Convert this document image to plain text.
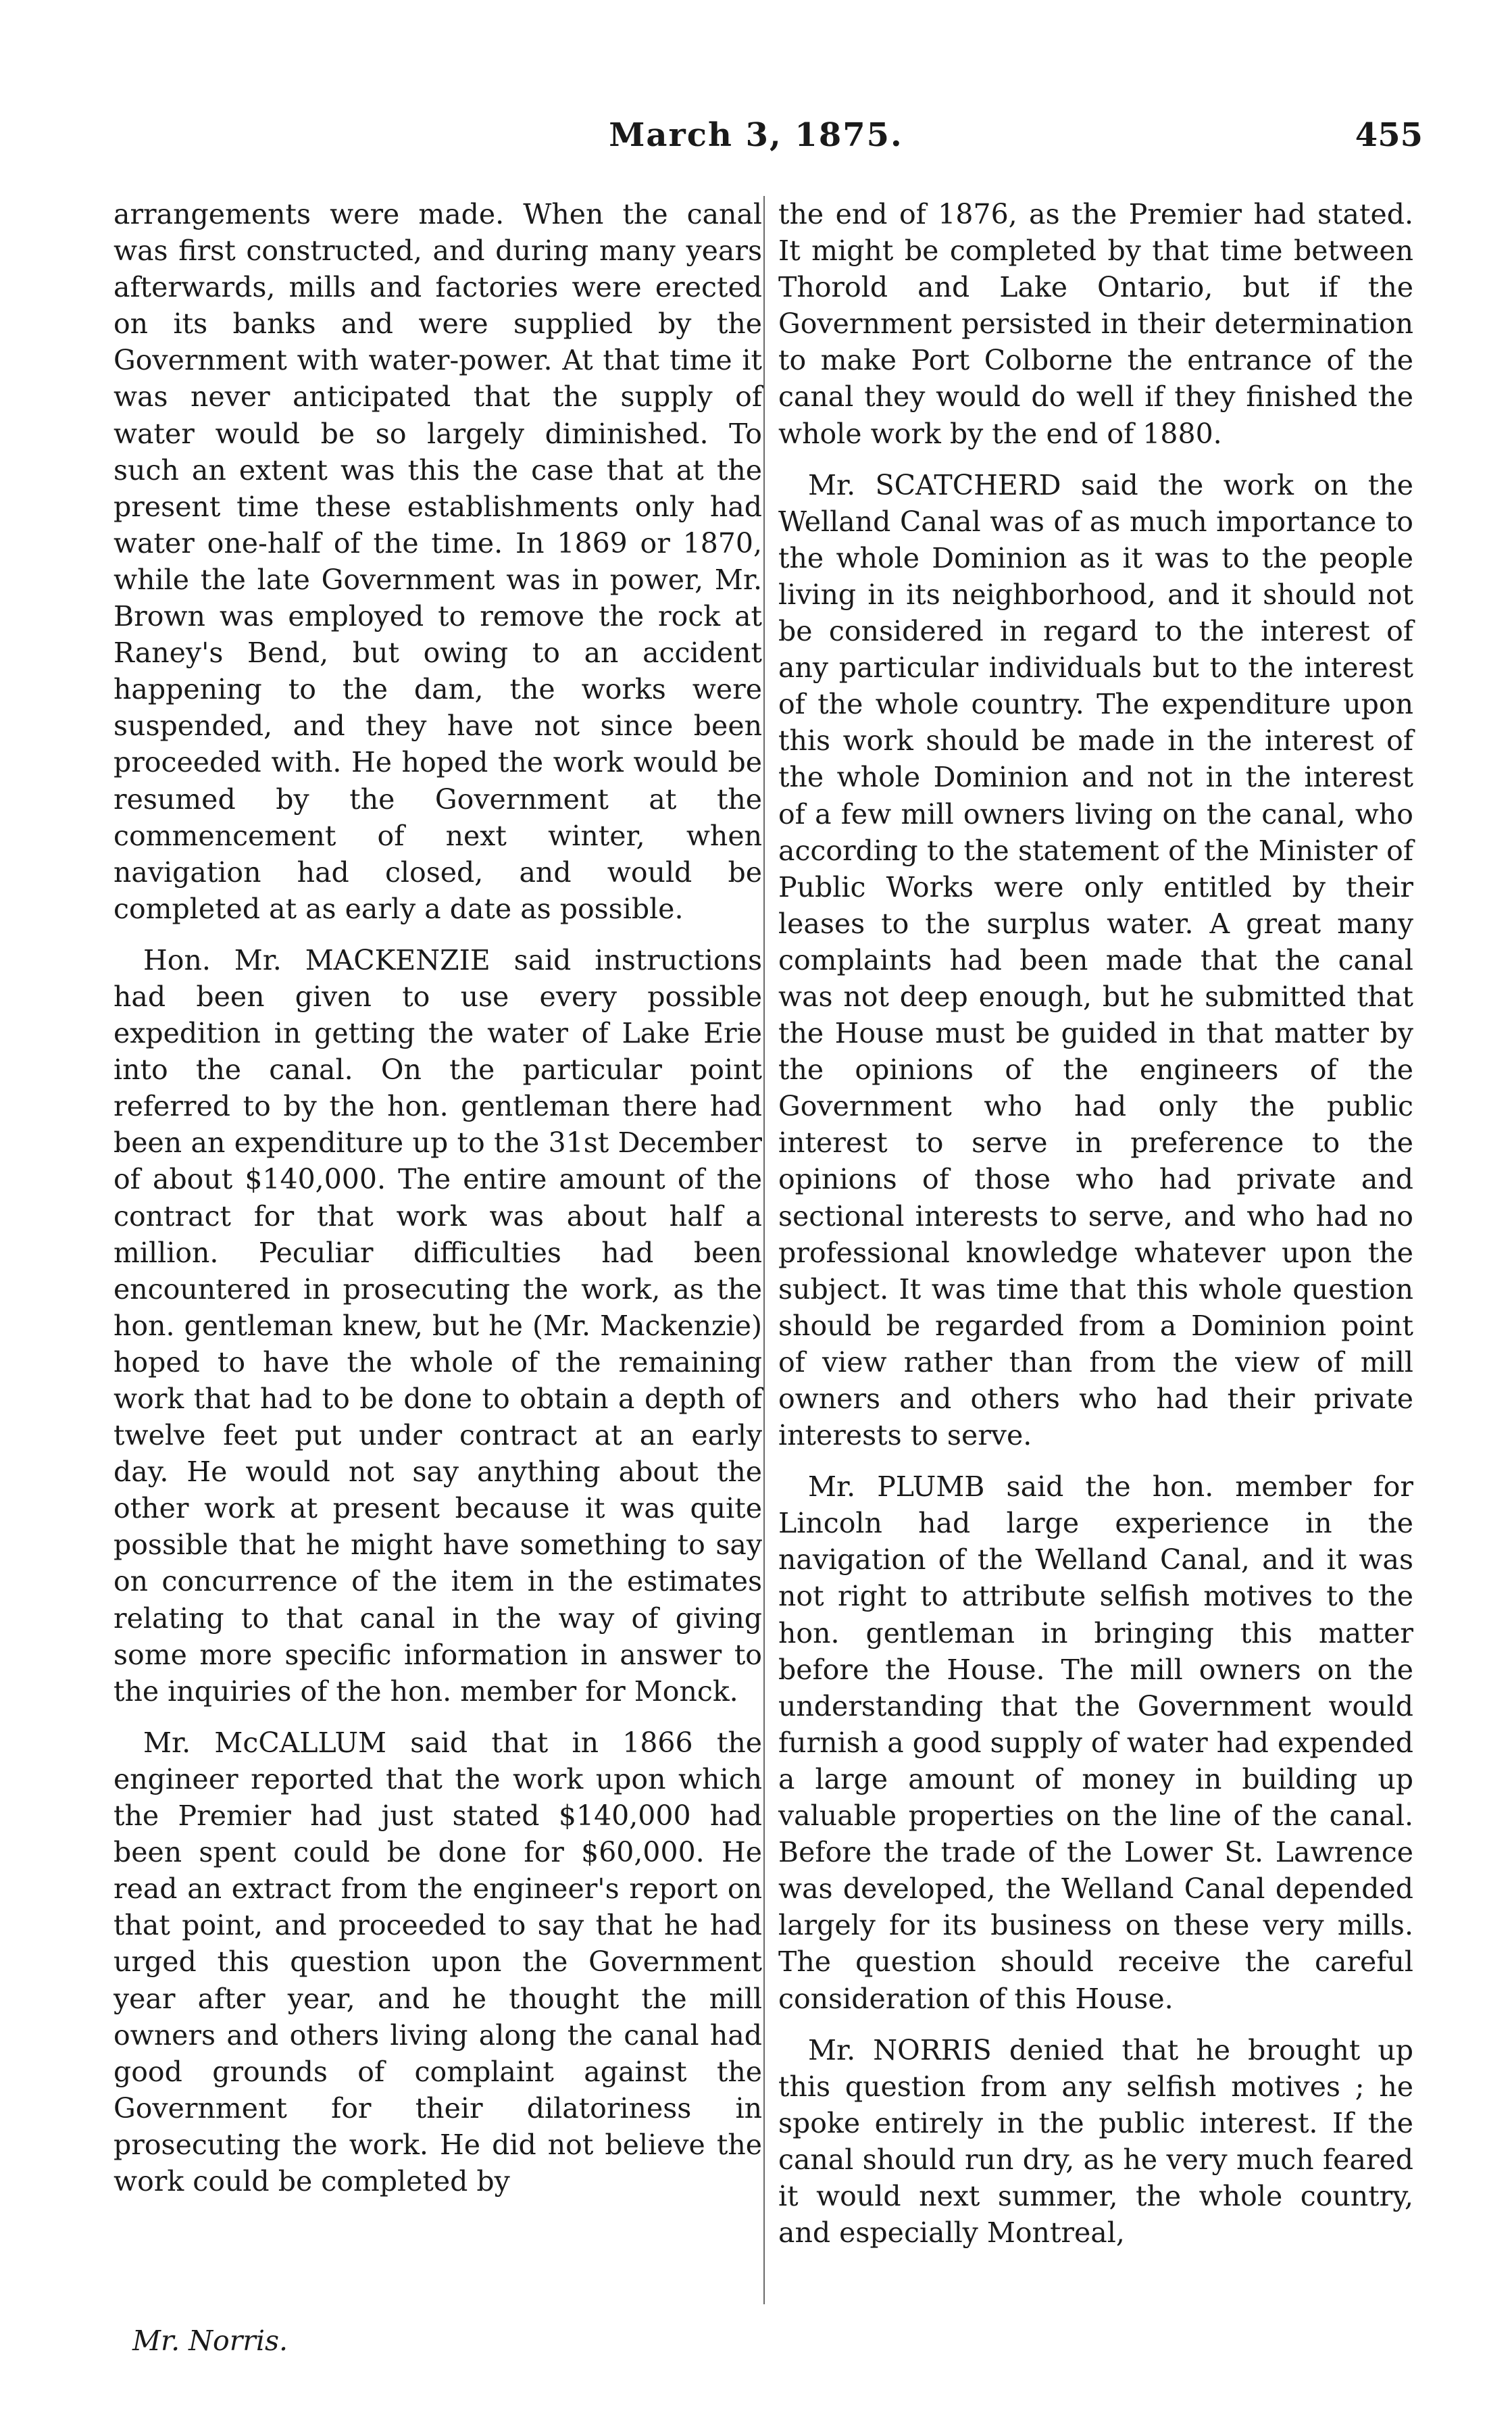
March 3, 1875.	455

arrangements were made. When the canal was first constructed, and during many years afterwards, mills and factories were erected on its banks and were supplied by the Government with water-power. At that time it was never anticipated that the supply of water would be so largely diminished. To such an extent was this the case that at the present time these establishments only had water one-half of the time. In 1869 or 1870, while the late Government was in power, Mr. Brown was employed to remove the rock at Raney's Bend, but owing to an accident happening to the dam, the works were suspended, and they have not since been proceeded with. He hoped the work would be resumed by the Government at the commencement of next winter, when navigation had closed, and would be completed at as early a date as possible.

Hon. Mr. MACKENZIE said instructions had been given to use every possible expedition in getting the water of Lake Erie into the canal. On the particular point referred to by the hon. gentleman there had been an expenditure up to the 31st December of about $140,000. The entire amount of the contract for that work was about half a million. Peculiar difficulties had been encountered in prosecuting the work, as the hon. gentleman knew, but he (Mr. Mackenzie) hoped to have the whole of the remaining work that had to be done to obtain a depth of twelve feet put under contract at an early day. He would not say anything about the other work at present because it was quite possible that he might have something to say on concurrence of the item in the estimates relating to that canal in the way of giving some more specific information in answer to the inquiries of the hon. member for Monck.

Mr. McCALLUM said that in 1866 the engineer reported that the work upon which the Premier had just stated $140,000 had been spent could be done for $60,000. He read an extract from the engineer's report on that point, and proceeded to say that he had urged this question upon the Government year after year, and he thought the mill owners and others living along the canal had good grounds of complaint against the Government for their dilatoriness in prosecuting the work. He did not believe the work could be completed by

the end of 1876, as the Premier had stated. It might be completed by that time between Thorold and Lake Ontario, but if the Government persisted in their determination to make Port Colborne the entrance of the canal they would do well if they finished the whole work by the end of 1880.

Mr. SCATCHERD said the work on the Welland Canal was of as much importance to the whole Dominion as it was to the people living in its neighborhood, and it should not be considered in regard to the interest of any particular individuals but to the interest of the whole country. The expenditure upon this work should be made in the interest of the whole Dominion and not in the interest of a few mill owners living on the canal, who according to the statement of the Minister of Public Works were only entitled by their leases to the surplus water. A great many complaints had been made that the canal was not deep enough, but he submitted that the House must be guided in that matter by the opinions of the engineers of the Government who had only the public interest to serve in preference to the opinions of those who had private and sectional interests to serve, and who had no professional knowledge whatever upon the subject. It was time that this whole question should be regarded from a Dominion point of view rather than from the view of mill owners and others who had their private interests to serve.

Mr. PLUMB said the hon. member for Lincoln had large experience in the navigation of the Welland Canal, and it was not right to attribute selfish motives to the hon. gentleman in bringing this matter before the House. The mill owners on the understanding that the Government would furnish a good supply of water had expended a large amount of money in building up valuable properties on the line of the canal. Before the trade of the Lower St. Lawrence was developed, the Welland Canal depended largely for its business on these very mills. The question should receive the careful consideration of this House.

Mr. NORRIS denied that he brought up this question from any selfish motives ; he spoke entirely in the public interest. If the canal should run dry, as he very much feared it would next summer, the whole country, and especially Montreal,

Mr. Norris.
